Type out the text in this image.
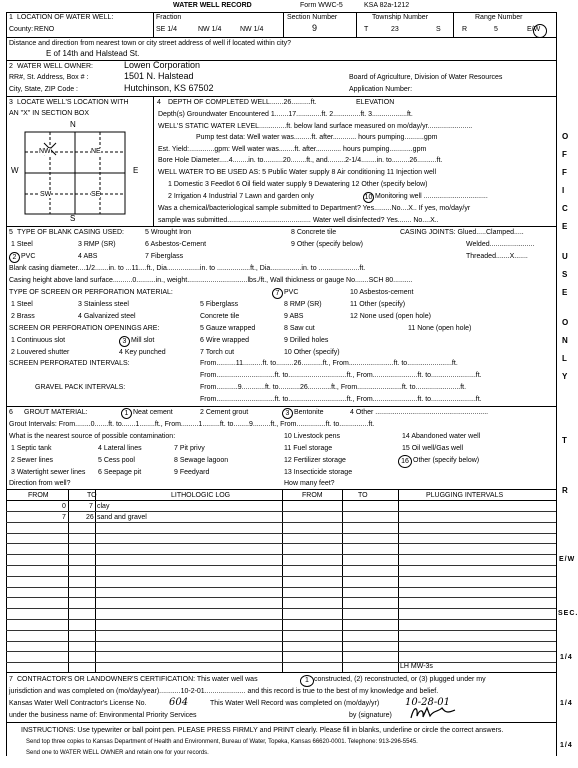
WATER WELL RECORD	Form WWC-5	KSA 82a-1212
1 LOCATION OF WATER WELL:
County: RENO
Fraction
SE 1/4	NW 1/4	NW 1/4
Section Number
9
Township Number
T	23	S
Range Number
R	5	E/W
Distance and direction from nearest town or city street address of well if located within city?
E of 14th and Halstead St.
2 WATER WELL OWNER:	Lowen Corporation
RR#, St. Address, Box # :	1501 N. Halstead	Board of Agriculture, Division of Water Resources
City, State, ZIP Code :	Hutchinson, KS 67502	Application Number:
3 LOCATE WELL'S LOCATION WITH
AN "X" IN SECTION BOX
N
S
W	E
NW	NE
SW	SE
4 DEPTH OF COMPLETED WELL.......26..........ft.	ELEVATION
Depth(s) Groundwater Encountered 1.......17.............ft. 2..............ft. 3..................ft.
WELL'S STATIC WATER LEVEL..............ft. below land surface measured on mo/day/yr.......................
Pump test data: Well water was.........ft. after............ hours pumping..........gpm
Est. Yield:.............gpm: Well water was........ft. after............. hours pumping............gpm
Bore Hole Diameter.....4........in. to..........20........ft., and.........2-1/4........in. to.........26..........ft.
WELL WATER TO BE USED AS: 5 Public Water supply 8 Air conditioning 11 Injection well
1 Domestic 3 Feedlot 6 Oil field water supply 9 Dewatering 12 Other (specify below)
2 Irrigation 4 Industrial 7 Lawn and garden only	10 Monitoring well .................................
Was a chemical/bacteriological sample submitted to Department? Yes.........No....X.. If yes, mo/day/yr
sample was submitted........................................... Water well disinfected? Yes....... No....X..
5 TYPE OF BLANK CASING USED:	5 Wrought Iron	8 Concrete tile	CASING JOINTS: Glued.....Clamped.....
1 Steel	3 RMP (SR)	6 Asbestos-Cement	9 Other (specify below)	Welded.......................
2 PVC	4 ABS	7 Fiberglass	Threaded.......X.......
Blank casing diameter....1/2.......in. to ...11....ft., Dia.................in. to .................ft., Dia................in. to .....................ft.
Casing height above land surface..........0..........in., weight...............................lbs./ft., Wall thickness or gauge No.......SCH 80..........
TYPE OF SCREEN OR PERFORATION MATERIAL:	7 PVC	10 Asbestos-cement
1 Steel	3 Stainless steel	5 Fiberglass	8 RMP (SR)	11 Other (specify)
2 Brass	4 Galvanized steel	Concrete tile	9 ABS	12 None used (open hole)
SCREEN OR PERFORATION OPENINGS ARE:	5 Gauze wrapped	8 Saw cut	11 None (open hole)
1 Continuous slot	3 Mill slot	6 Wire wrapped	9 Drilled holes
2 Louvered shutter	4 Key punched	7 Torch cut	10 Other (specify)
SCREEN PERFORATED INTERVALS:	From..........11..........ft. to.........26...........ft., From.......................ft. to.......................ft.
From..............................ft. to..............................ft., From.......................ft. to.......................ft.
GRAVEL PACK INTERVALS:	From...........9............ft. to...........26............ft., From.......................ft. to.......................ft.
From..............................ft. to..............................ft., From.......................ft. to.......................ft.
6 GROUT MATERIAL:	1 Neat cement	2 Cement grout	3 Bentonite	4 Other ..........................................................
Grout Intervals: From........0.......ft. to.......1........ft., From.........1.........ft. to........9.........ft., From...............ft. to...............ft.
What is the nearest source of possible contamination:	10 Livestock pens	14 Abandoned water well
1 Septic tank	4 Lateral lines	7 Pit privy	11 Fuel storage	15 Oil well/Gas well
2 Sewer lines	5 Cess pool	8 Sewage lagoon	12 Fertilizer storage	16 Other (specify below)
3 Watertight sewer lines 6 Seepage pit	9 Feedyard	13 Insecticide storage
Direction from well?	How many feet?
FROM	TO	LITHOLOGIC LOG	FROM	TO	PLUGGING INTERVALS
0	7 clay
7	26 sand and gravel
LH MW-3s
7 CONTRACTOR'S OR LANDOWNER'S CERTIFICATION: This water well was	1 constructed, (2) reconstructed, or (3) plugged under my
jurisdiction and was completed on (mo/day/year)...........10-2-01..................... and this record is true to the best of my knowledge and belief.
Kansas Water Well Contractor's License No. 604	This Water Well Record was completed on (mo/day/yr)	10-28-01
under the business name of: Environmental Priority Services	by (signature)
INSTRUCTIONS: Use typewriter or ball point pen. PLEASE PRESS FIRMLY and PRINT clearly. Please fill in blanks, underline or circle the correct answers.
Send top three copies to Kansas Department of Health and Environment, Bureau of Water, Topeka, Kansas 66620-0001. Telephone: 913-296-5545.
Send one to WATER WELL OWNER and retain one for your records.
O
F
F
I
C
E
U
S
E
O
N
L
Y
T
R
E/W
SEC.
1/4
1/4
1/4
